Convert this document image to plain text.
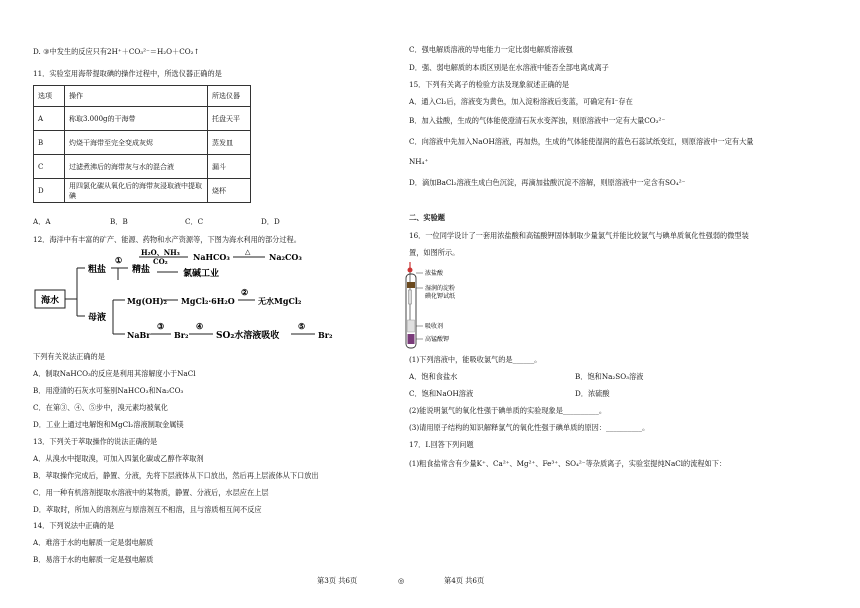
D. ③中发生的反应只有2H⁺＋CO₃²⁻＝H₂O＋CO₂↑
11．实验室用海带提取碘的操作过程中，所选仪器正确的是
选项	操作	所选仪器
A	称取3.000g的干海带	托盘天平
B	灼烧干海带至完全变成灰烬	蒸发皿
C	过滤煮沸后的海带灰与水的混合液	漏斗
D	用四氯化碳从氧化后的海带灰浸取液中提取碘	烧杯
A．A	B．B	C．C	D．D
12．海洋中有丰富的矿产、能源、药物和水产资源等，下图为海水利用的部分过程。
海水
粗盐
①
精盐
H₂O、NH₃
CO₂	NaHCO₃
△
Na₂CO₃
氯碱工业
母液
Mg(OH)₂ MgCl₂·6H₂O
②
无水MgCl₂
NaBr
③
Br₂
④
SO₂水溶液吸收
⑤
Br₂
下列有关说法正确的是
A．制取NaHCO₃的反应是利用其溶解度小于NaCl
B．用澄清的石灰水可鉴别NaHCO₃和Na₂CO₃
C．在第③、④、⑤步中，溴元素均被氧化
D．工业上通过电解饱和MgCl₂溶液制取金属镁
13．下列关于萃取操作的说法正确的是
A．从溴水中提取溴，可加入四氯化碳或乙醇作萃取剂
B．萃取操作完成后，静置、分液，先将下层液体从下口放出，然后再上层液体从下口放出
C．用一种有机溶剂提取水溶液中的某物质，静置、分液后，水层应在上层
D．萃取时，所加入的溶剂应与原溶剂互不相溶，且与溶质相互间不反应
14．下列说法中正确的是
A．难溶于水的电解质一定是弱电解质
B．易溶于水的电解质一定是强电解质
C．强电解质溶液的导电能力一定比弱电解质溶液强
D．强、弱电解质的本质区别是在水溶液中能否全部电离成离子
15．下列有关离子的检验方法及现象叙述正确的是
A．通入Cl₂后，溶液变为黄色，加入淀粉溶液后变蓝，可确定有I⁻存在
B．加入盐酸，生成的气体能使澄清石灰水变浑浊，则原溶液中一定有大量CO₃²⁻
C．向溶液中先加入NaOH溶液，再加热，生成的气体能使湿润的蓝色石蕊试纸变红，则原溶液中一定有大量
NH₄⁺
D．滴加BaCl₂溶液生成白色沉淀，再滴加盐酸沉淀不溶解，则原溶液中一定含有SO₄²⁻
二、实验题
16．一位同学设计了一套用浓盐酸和高锰酸钾固体制取少量氯气并能比较氯气与碘单质氧化性强弱的微型装
置，如图所示。
浓盐酸
湿润的淀粉
碘化钾试纸
吸收剂
高锰酸钾
(1)下列溶液中，能吸收氯气的是______。
A．饱和食盐水	B．饱和Na₂SO₃溶液
C．饱和NaOH溶液	D．浓硫酸
(2)能说明氯气的氧化性强于碘单质的实验现象是__________。
(3)请用原子结构的知识解释氯气的氧化性强于碘单质的原因：__________。
17．I.回答下列问题
(1)粗食盐常含有少量K⁺、Ca²⁺、Mg²⁺、Fe³⁺、SO₄²⁻等杂质离子，实验室提纯NaCl的流程如下：
第3页 共6页	◎	第4页 共6页
